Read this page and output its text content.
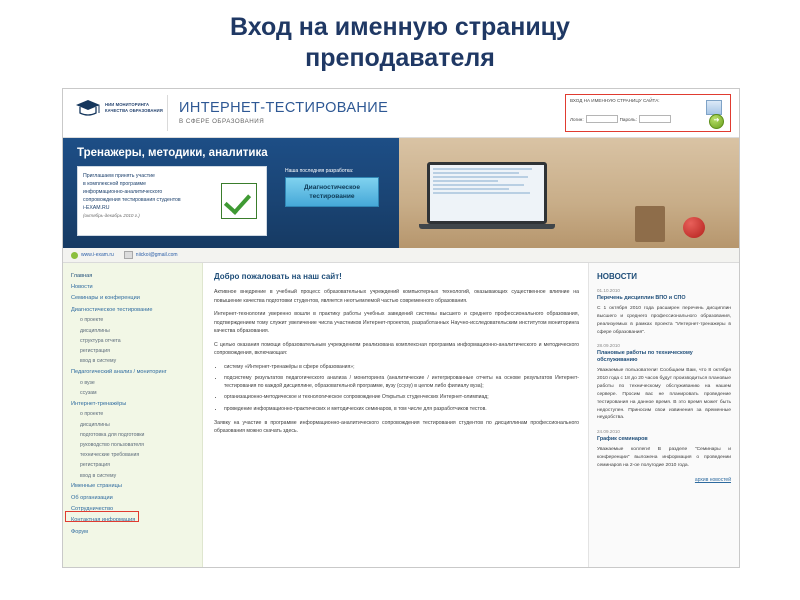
Вход на именную страницу
преподавателя
НИИ МОНИТОРИНГА КАЧЕСТВА ОБРАЗОВАНИЯ ИНТЕРНЕТ-ТЕСТИРОВАНИЕ
В СФЕРЕ ОБРАЗОВАНИЯ
ВХОД НА ИМЕННУЮ СТРАНИЦУ САЙТА:
Логин:	Пароль:	➜
Тренажеры, методики, аналитика
Приглашаем принять участие
в комплексной программе
информационно-аналитического
сопровождения тестирования студентов
i-EXAM.RU
(октябрь-декабрь 2010 г.)
Наша последняя разработка:
Диагностическое
тестирование
www.i-exam.ru	niickoi@gmail.com
Главная
Новости
Семинары и конференции
Диагностическое тестирование
о проекте
дисциплины
структура отчета
регистрация
вход в систему
Педагогический анализ / мониторинг
о вузе
ссузам
Интернет-тренажёры
о проекте
дисциплины
подготовка для подготовки
руководство пользователя
технические требования
регистрация
вход в систему
Именные страницы
Об организации
Сотрудничество
Контактная информация
Форум
Добро пожаловать на наш сайт!
Активное внедрение в учебный процесс образовательных учреждений компьютерных технологий, оказывающих существенное влияние на повышение качества подготовки студентов, является неотъемлемой частью современного образования.
Интернет-технологии уверенно вошли в практику работы учебных заведений системы высшего и среднего профессионального образования, подтверждением тому служит увеличение числа участников Интернет-проектов, разработанных Научно-исследовательским институтом мониторинга качества образования.
С целью оказания помощи образовательным учреждениям реализована комплексная программа информационно-аналитического и методического сопровождения, включающая:
• систему «Интернет-тренажёры в сфере образования»;
• подсистему результатов педагогического анализа / мониторинга (аналитические / интегрированные отчеты на основе результатов Интернет-тестирования по каждой дисциплине, образовательной программе, вузу (ссузу) в целом либо филиалу вуза);
• организационно-методическое и технологическое сопровождение Открытых студенческих Интернет-олимпиад;
• проведение информационно-практических и методических семинаров, в том числе для разработчиков тестов.
Заявку на участие в программе информационно-аналитического сопровождения тестирования студентов по дисциплинам профессионального образования можно скачать здесь.
НОВОСТИ
01.10.2010
Перечень дисциплин ВПО и СПО
С 1 октября 2010 года расширен перечень дисциплин высшего и среднего профессионального образования, реализуемых в рамках проекта "Интернет-тренажеры в сфере образования".
28.09.2010
Плановые работы по техническому обслуживанию
Уважаемые пользователи! Сообщаем Вам, что 8 октября 2010 года с 18 до 20 часов будут производиться плановые работы по техническому обслуживанию на нашем сервере. Просим вас не планировать проведение тестирования на данное время. В это время может быть недоступен. Приносим свои извинения за временные неудобства.
24.09.2010
График семинаров
Уважаемые коллеги! В разделе "Семинары и конференции" выложена информация о проведении семинаров на 2-ое полугодие 2010 года.
архив новостей
